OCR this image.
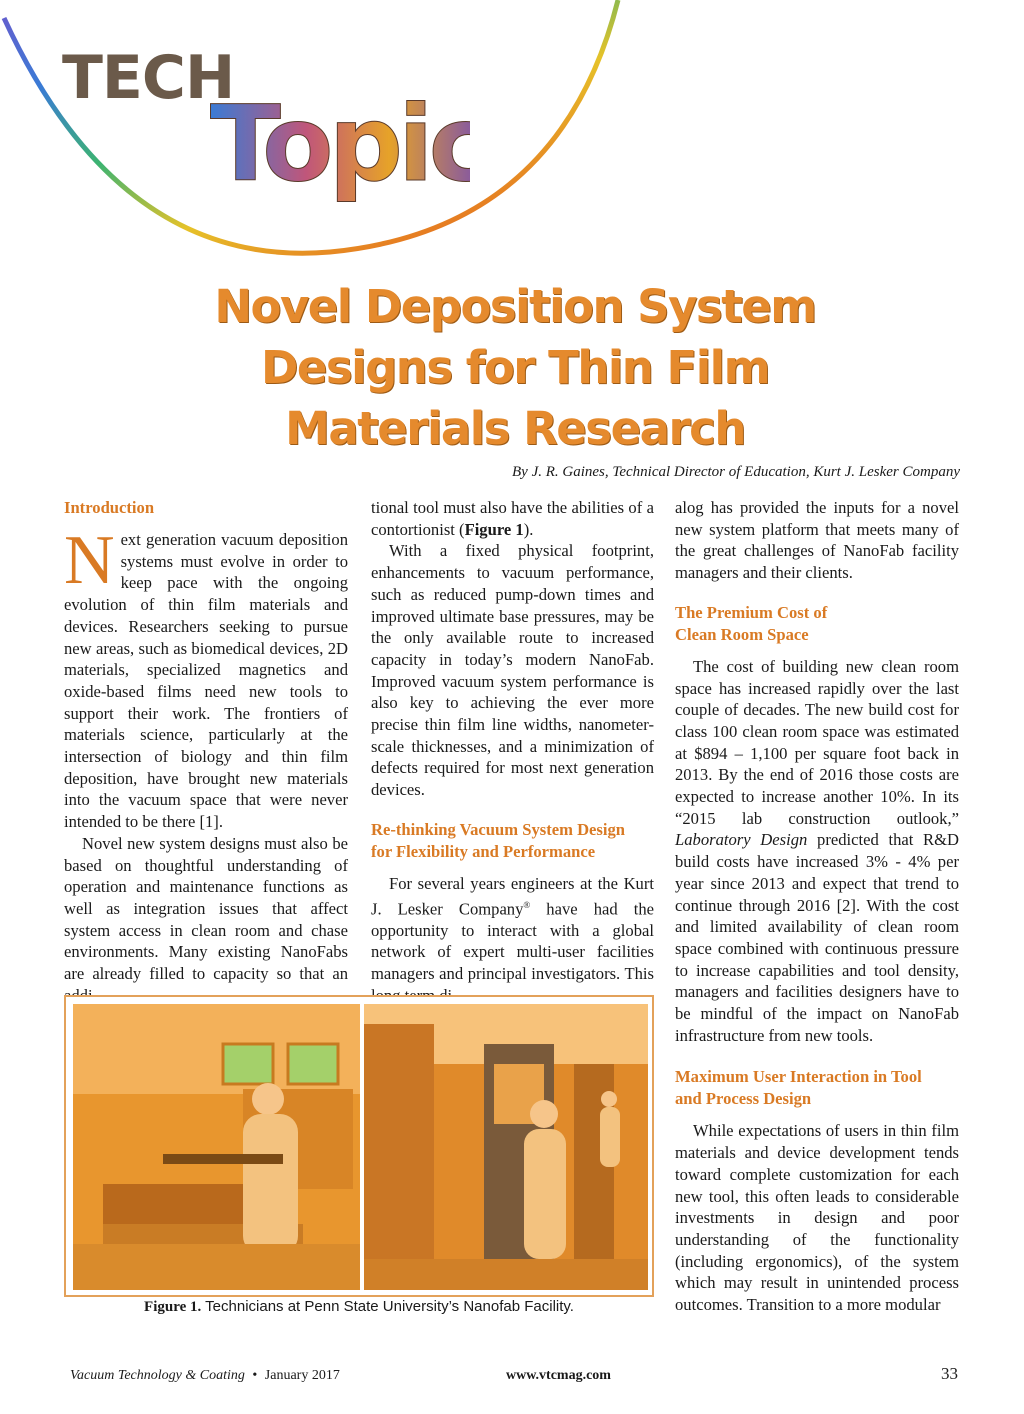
TECH
Topic
Novel Deposition System
Designs for Thin Film
Materials Research
By J. R. Gaines, Technical Director of Education, Kurt J. Lesker Company
Introduction

Next generation vacuum deposition systems must evolve in order to keep pace with the ongoing evolution of thin film materials and devices. Researchers seeking to pursue new areas, such as biomedical devices, 2D materials, specialized magnetics and oxide-based films need new tools to support their work. The frontiers of materials science, particularly at the intersection of biology and thin film deposition, have brought new materials into the vacuum space that were never intended to be there [1].

Novel new system designs must also be based on thoughtful understanding of operation and maintenance functions as well as integration issues that affect system access in clean room and chase environments. Many existing NanoFabs are already filled to capacity so that an

tional tool must also have the abilities of a contortionist (Figure 1).

With a fixed physical footprint, enhancements to vacuum performance, such as reduced pump-down times and improved ultimate base pressures, may be the only available route to increased capacity in today’s modern NanoFab. Improved vacuum system performance is also key to achieving the ever more precise thin film line widths, nanometer-scale thicknesses, and a minimization of defects required for most next generation devices.

Re-thinking Vacuum System Design
for Flexibility and Performance

For several years engineers at the Kurt J. Lesker Company® have had the opportunity to interact with a global network of expert multi-user facilities managers and principal investigators. This

alog has provided the inputs for a novel new system platform that meets many of the great challenges of NanoFab facility managers and their clients.

The Premium Cost of
Clean Room Space

The cost of building new clean room space has increased rapidly over the last couple of decades. The new build cost for class 100 clean room space was estimated at $894 – 1,100 per square foot back in 2013. By the end of 2016 those costs are expected to increase another 10%. In its “2015 lab construction outlook,” Laboratory Design predicted that R&D build costs have increased 3% - 4% per year since 2013 and expect that trend to continue through 2016 [2]. With the cost and limited availability of clean room space combined with continuous pressure to increase capabilities and tool density, managers and facilities designers have to be mindful of the impact on NanoFab infrastructure from new tools.

Maximum User Interaction in Tool
and Process Design

While expectations of users in thin film materials and device development tends toward complete customization for each new tool, this often leads to considerable investments in design and poor understanding of the functionality (including ergonomics), of the system which may result in unintended process outcomes. Transition to a more modular

Figure 1. Technicians at Penn State University’s Nanofab Facility.
Vacuum Technology & Coating • January 2017	www.vtcmag.com	33
